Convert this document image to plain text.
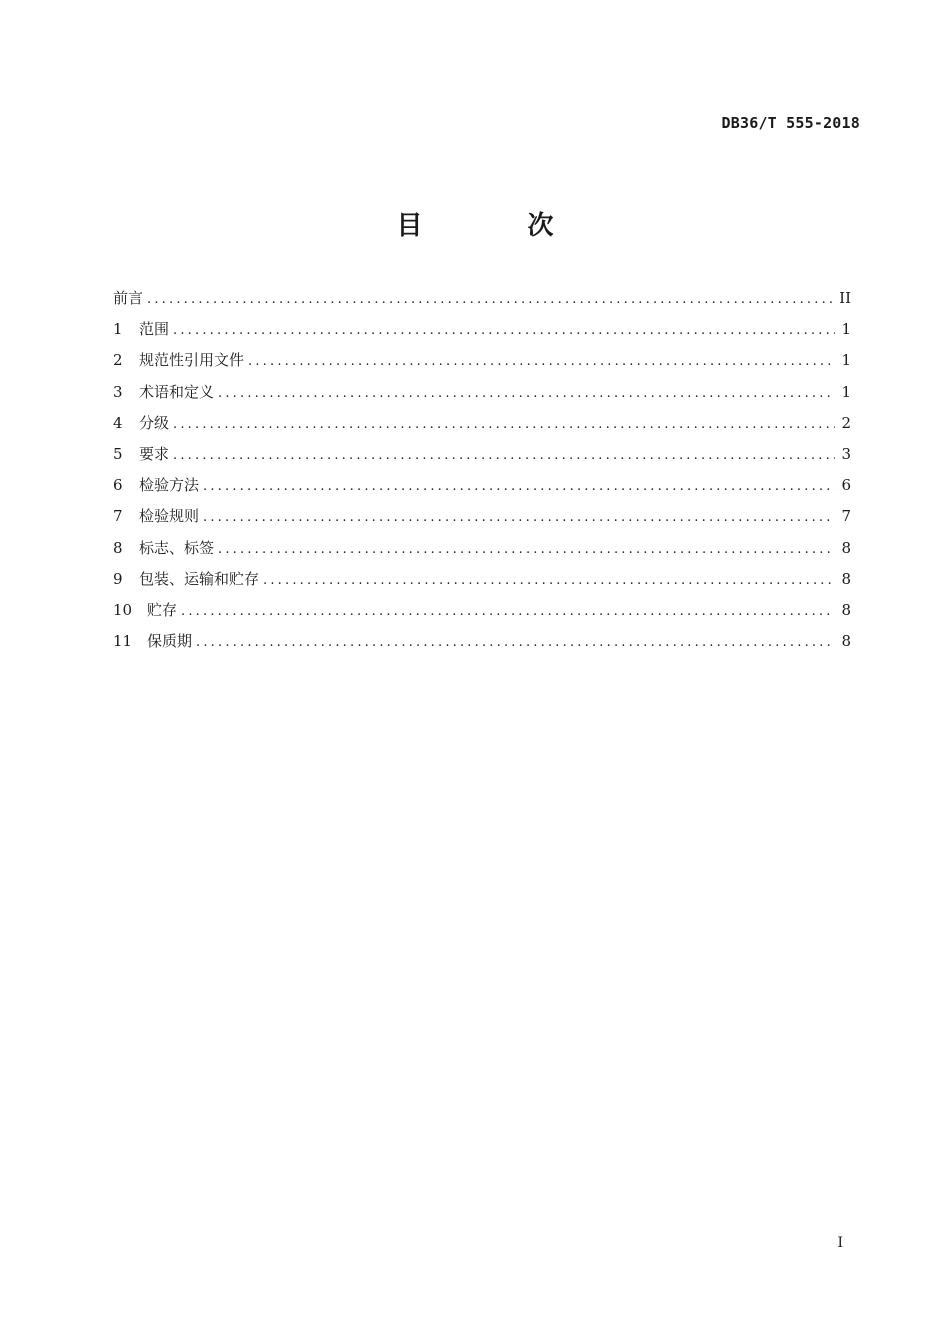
DB36/T 555-2018
目 次
前言 .....	II
1	范围 .....	1
2	规范性引用文件 .....	1
3	术语和定义 .....	1
4	分级 .....	2
5	要求 .....	3
6	检验方法 .....	6
7	检验规则 .....	7
8	标志、标签 .....	8
9	包装、运输和贮存 .....	8
10 贮存 .....	8
11 保质期 .....	8
I
